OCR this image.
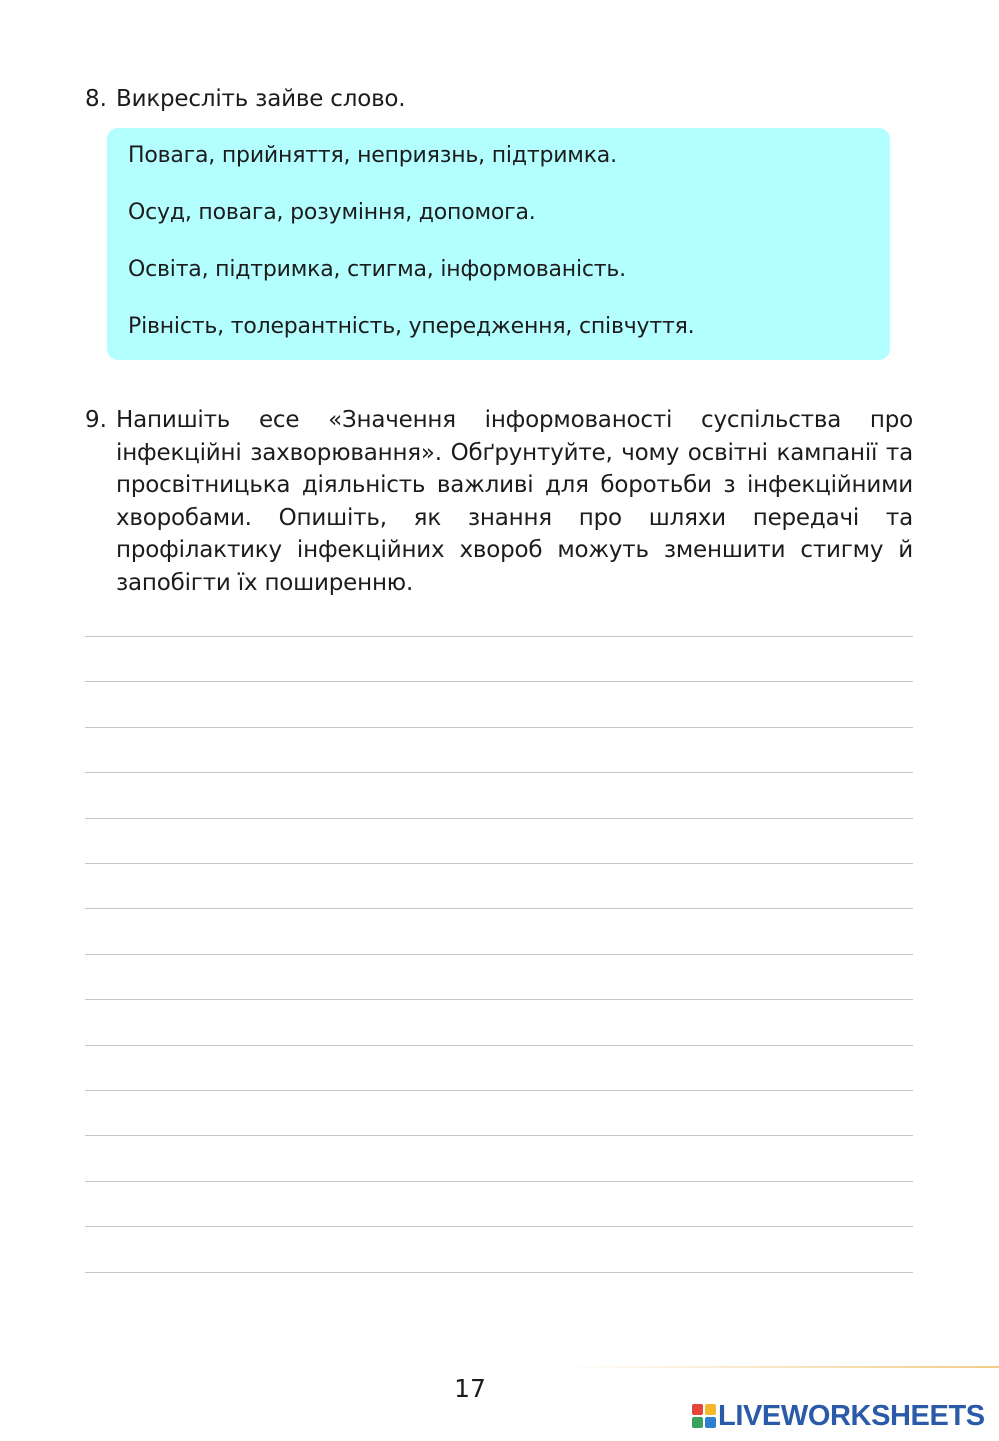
8. Викресліть зайве слово.
Повага, прийняття, неприязнь, підтримка.
Осуд, повага, розуміння, допомога.
Освіта, підтримка, стигма, інформованість.
Рівність, толерантність, упередження, співчуття.
9. Напишіть есе «Значення інформованості суспільства про інфекційні захворювання». Обґрунтуйте, чому освітні кампанії та просвітницька діяльність важливі для боротьби з інфекційними хворобами. Опишіть, як знання про шляхи передачі та профілактику інфекційних хвороб можуть зменшити стигму й запобігти їх поширенню.
17
LIVEWORKSHEETS
